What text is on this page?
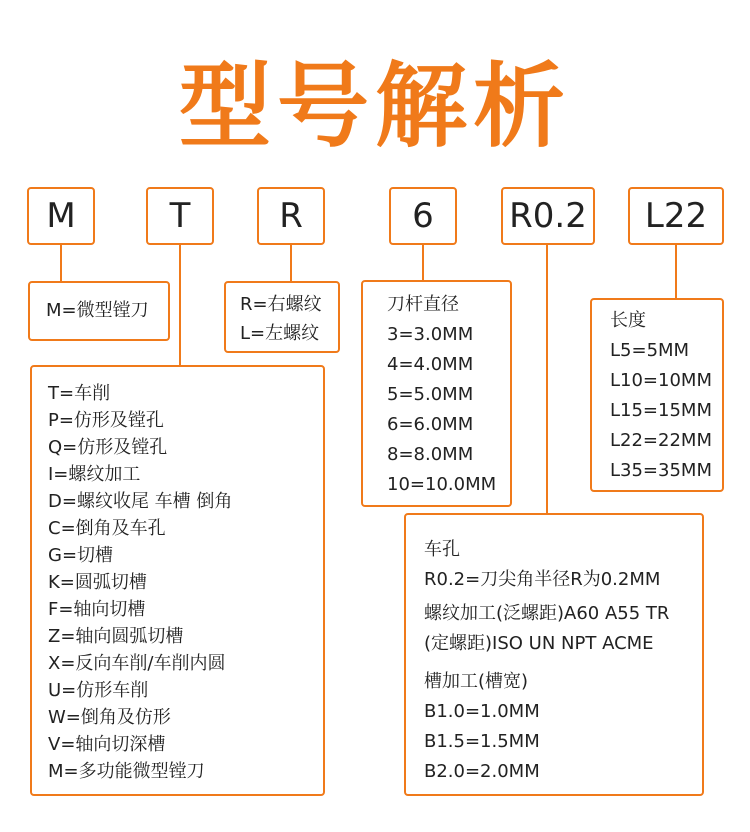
型号解析
M	T	R	6	R0.2	L22
M=微型镗刀	R=右螺纹
L=左螺纹
刀杆直径
3=3.0MM
4=4.0MM
5=5.0MM
6=6.0MM
8=8.0MM
10=10.0MM
长度
L5=5MM
L10=10MM
L15=15MM
L22=22MM
L35=35MM
T=车削
P=仿形及镗孔
Q=仿形及镗孔
I=螺纹加工
D=螺纹收尾 车槽 倒角
C=倒角及车孔
G=切槽
K=圆弧切槽
F=轴向切槽
Z=轴向圆弧切槽
X=反向车削/车削内圆
U=仿形车削
W=倒角及仿形
V=轴向切深槽
M=多功能微型镗刀
车孔
R0.2=刀尖角半径R为0.2MM
螺纹加工(泛螺距)A60 A55 TR
(定螺距)ISO UN NPT ACME
槽加工(槽宽)
B1.0=1.0MM
B1.5=1.5MM
B2.0=2.0MM
